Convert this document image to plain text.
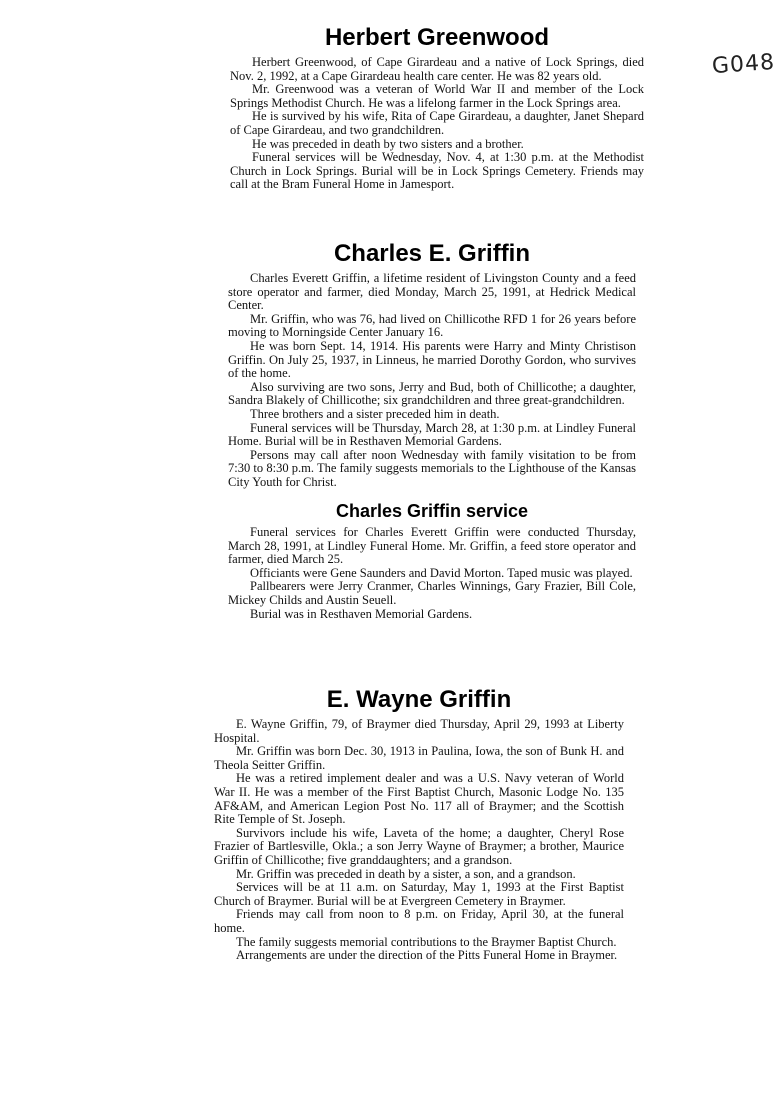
G048
Herbert Greenwood

Herbert Greenwood, of Cape Girardeau and a native of Lock Springs, died Nov. 2, 1992, at a Cape Girardeau health care center. He was 82 years old.

Mr. Greenwood was a veteran of World War II and member of the Lock Springs Methodist Church. He was a lifelong farmer in the Lock Springs area.

He is survived by his wife, Rita of Cape Girardeau, a daughter, Janet Shepard of Cape Girardeau, and two grandchildren.

He was preceded in death by two sisters and a brother.

Funeral services will be Wednesday, Nov. 4, at 1:30 p.m. at the Methodist Church in Lock Springs. Burial will be in Lock Springs Cemetery. Friends may call at the Bram Funeral Home in Jamesport.

Charles E. Griffin

Charles Everett Griffin, a lifetime resident of Livingston County and a feed store operator and farmer, died Monday, March 25, 1991, at Hedrick Medical Center.

Mr. Griffin, who was 76, had lived on Chillicothe RFD 1 for 26 years before moving to Morningside Center January 16.

He was born Sept. 14, 1914. His parents were Harry and Minty Christison Griffin. On July 25, 1937, in Linneus, he married Dorothy Gordon, who survives of the home.

Also surviving are two sons, Jerry and Bud, both of Chillicothe; a daughter, Sandra Blakely of Chillicothe; six grandchildren and three great-grandchildren.

Three brothers and a sister preceded him in death.

Funeral services will be Thursday, March 28, at 1:30 p.m. at Lindley Funeral Home. Burial will be in Resthaven Memorial Gardens.

Persons may call after noon Wednesday with family visitation to be from 7:30 to 8:30 p.m. The family suggests memorials to the Lighthouse of the Kansas City Youth for Christ.

Charles Griffin service

Funeral services for Charles Everett Griffin were conducted Thursday, March 28, 1991, at Lindley Funeral Home. Mr. Griffin, a feed store operator and farmer, died March 25.

Officiants were Gene Saunders and David Morton. Taped music was played.

Pallbearers were Jerry Cranmer, Charles Winnings, Gary Frazier, Bill Cole, Mickey Childs and Austin Seuell.

Burial was in Resthaven Memorial Gardens.

E. Wayne Griffin

E. Wayne Griffin, 79, of Braymer died Thursday, April 29, 1993 at Liberty Hospital.

Mr. Griffin was born Dec. 30, 1913 in Paulina, Iowa, the son of Bunk H. and Theola Seitter Griffin.

He was a retired implement dealer and was a U.S. Navy veteran of World War II. He was a member of the First Baptist Church, Masonic Lodge No. 135 AF&AM, and American Legion Post No. 117 all of Braymer; and the Scottish Rite Temple of St. Joseph.

Survivors include his wife, Laveta of the home; a daughter, Cheryl Rose Frazier of Bartlesville, Okla.; a son Jerry Wayne of Braymer; a brother, Maurice Griffin of Chillicothe; five granddaughters; and a grandson.

Mr. Griffin was preceded in death by a sister, a son, and a grandson.

Services will be at 11 a.m. on Saturday, May 1, 1993 at the First Baptist Church of Braymer. Burial will be at Evergreen Cemetery in Braymer.

Friends may call from noon to 8 p.m. on Friday, April 30, at the funeral home.

The family suggests memorial contributions to the Braymer Baptist Church.

Arrangements are under the direction of the Pitts Funeral Home in Braymer.
